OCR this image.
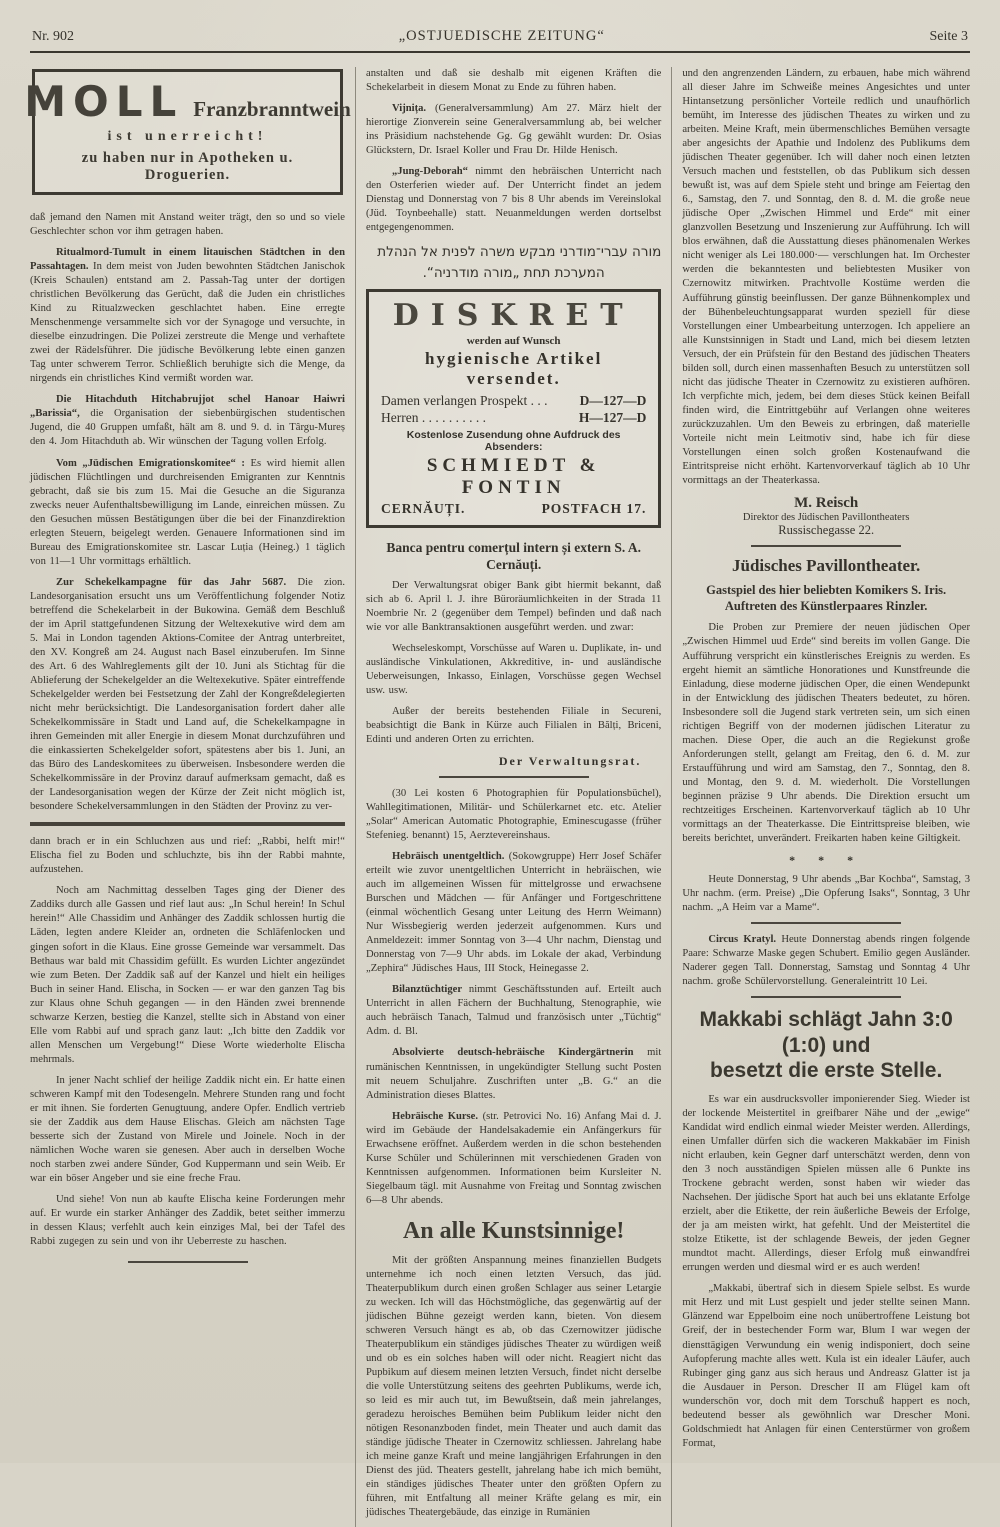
Nr. 902	„OSTJUEDISCHE ZEITUNG“	Seite 3
MOLL Franzbranntwein
ist unerreicht!
zu haben nur in Apotheken u. Droguerien.

daß jemand den Namen mit Anstand weiter trägt, den so und so viele Geschlechter schon vor ihm getragen haben.

Ritualmord-Tumult in einem litauischen Städtchen in den Passahtagen. In dem meist von Juden bewohnten Städtchen Janischok (Kreis Schaulen) entstand am 2. Passah-Tag unter der dortigen christlichen Bevölkerung das Gerücht, daß die Juden ein christliches Kind zu Ritualzwecken geschlachtet haben. Eine erregte Menschenmenge versammelte sich vor der Synagoge und versuchte, in dieselbe einzudringen. Die Polizei zerstreute die Menge und verhaftete zwei der Rädelsführer. Die jüdische Bevölkerung lebte einen ganzen Tag unter schwerem Terror. Schließlich beruhigte sich die Menge, da nirgends ein christliches Kind vermißt worden war.

Die Hitachduth Hitchabrujjot schel Hanoar Haiwri „Barissia“, die Organisation der siebenbürgischen studentischen Jugend, die 40 Gruppen umfaßt, hält am 8. und 9. d. in Târgu-Mureș den 4. Jom Hitachduth ab. Wir wünschen der Tagung vollen Erfolg.

Vom „Jüdischen Emigrationskomitee“ : Es wird hiemit allen jüdischen Flüchtlingen und durchreisenden Emigranten zur Kenntnis gebracht, daß sie bis zum 15. Mai die Gesuche an die Siguranza zwecks neuer Aufenthaltsbewilligung im Lande, einreichen müssen. Zu den Gesuchen müssen Bestätigungen über die bei der Finanzdirektion erlegten Steuern, beigelegt werden. Genauere Informationen sind im Bureau des Emigrationskomitee str. Lascar Luția (Heineg.) 1 täglich von 11—1 Uhr vormittags erhältlich.

Zur Schekelkampagne für das Jahr 5687. Die zion. Landesorganisation ersucht uns um Veröffentlichung folgender Notiz betreffend die Schekelarbeit in der Bukowina. Gemäß dem Beschluß der im April stattgefundenen Sitzung der Weltexekutive wird dem am 5. Mai in London tagenden Aktions-Comitee der Antrag unterbreitet, den XV. Kongreß am 24. August nach Basel einzuberufen. Im Sinne des Art. 6 des Wahlreglements gilt der 10. Juni als Stichtag für die Ablieferung der Schekelgelder an die Weltexekutive. Später eintreffende Schekelgelder werden bei Festsetzung der Zahl der Kongreßdelegierten nicht mehr berücksichtigt. Die Landesorganisation fordert daher alle Schekelkommissäre in Stadt und Land auf, die Schekelkampagne in ihren Gemeinden mit aller Energie in diesem Monat durchzuführen und die einkassierten Schekelgelder sofort, spätestens aber bis 1. Juni, an das Büro des Landeskomitees zu überweisen. Insbesondere werden die Schekelkommissäre in der Provinz darauf aufmerksam gemacht, daß es der Landesorganisation wegen der Kürze der Zeit nicht möglich ist, besondere Schekelversammlungen in den Städten der Provinz zu ver-

dann brach er in ein Schluchzen aus und rief: „Rabbi, helft mir!“ Elischa fiel zu Boden und schluchzte, bis ihn der Rabbi mahnte, aufzustehen.

Noch am Nachmittag desselben Tages ging der Diener des Zaddiks durch alle Gassen und rief laut aus: „In Schul herein! In Schul herein!“ Alle Chassidim und Anhänger des Zaddik schlossen hurtig die Läden, legten andere Kleider an, ordneten die Schläfenlocken und gingen sofort in die Klaus. Eine grosse Gemeinde war versammelt. Das Bethaus war bald mit Chassidim gefüllt. Es wurden Lichter angezündet wie zum Beten. Der Zaddik saß auf der Kanzel und hielt ein heiliges Buch in seiner Hand. Elischa, in Socken — er war den ganzen Tag bis zur Klaus ohne Schuh gegangen — in den Händen zwei brennende schwarze Kerzen, bestieg die Kanzel, stellte sich in Abstand von einer Elle vom Rabbi auf und sprach ganz laut: „Ich bitte den Zaddik vor allen Menschen um Vergebung!“ Diese Worte wiederholte Elischa mehrmals.

In jener Nacht schlief der heilige Zaddik nicht ein. Er hatte einen schweren Kampf mit den Todesengeln. Mehrere Stunden rang und focht er mit ihnen. Sie forderten Genugtuung, andere Opfer. Endlich vertrieb sie der Zaddik aus dem Hause Elischas. Gleich am nächsten Tage besserte sich der Zustand von Mirele und Joinele. Noch in der nämlichen Woche waren sie genesen. Aber auch in derselben Woche noch starben zwei andere Sünder, God Kuppermann und sein Weib. Er war ein böser Angeber und sie eine freche Frau.

Und siehe! Von nun ab kaufte Elischa keine Forderungen mehr auf. Er wurde ein starker Anhänger des Zaddik, betet seither immerzu in dessen Klaus; verfehlt auch kein einziges Mal, bei der Tafel des Rabbi zugegen zu sein und von ihr Ueberreste zu haschen.

anstalten und daß sie deshalb mit eigenen Kräften die Schekelarbeit in diesem Monat zu Ende zu führen haben.

Vijnița. (Generalversammlung) Am 27. März hielt der hierortige Zionverein seine Generalversammlung ab, bei welcher ins Präsidium nachstehende Gg. Gg gewählt wurden: Dr. Osias Glückstern, Dr. Israel Koller und Frau Dr. Hilde Henisch.

„Jung-Deborah“ nimmt den hebräischen Unterricht nach den Osterferien wieder auf. Der Unterricht findet an jedem Dienstag und Donnerstag von 7 bis 8 Uhr abends im Vereinslokal (Jüd. Toynbeehalle) statt. Neuanmeldungen werden dortselbst entgegengenommen.

מורה עברי־מודרני מבקש משרה לפנית אל הנהלת
המערכת תחת „מורה מודרניה“.
DISKRET
werden auf Wunsch
hygienische Artikel versendet.
Damen verlangen Prospekt . . . D—127—D
Herren . . . . . . . . . .	H—127—D
Kostenlose Zusendung ohne Aufdruck des Absenders:
SCHMIEDT & FONTIN
CERNĂUȚI.	POSTFACH 17.
Banca pentru comerțul intern și extern S. A.
Cernăuți.

Der Verwaltungsrat obiger Bank gibt hiermit bekannt, daß sich ab 6. April l. J. ihre Büroräumlichkeiten in der Strada 11 Noembrie Nr. 2 (gegenüber dem Tempel) befinden und daß nach wie vor alle Banktransaktionen ausgeführt werden. und zwar:

Wechseleskompt, Vorschüsse auf Waren u. Duplikate, in- und ausländische Vinkulationen, Akkreditive, in- und ausländische Ueberweisungen, Inkasso, Einlagen, Vorschüsse gegen Wechsel usw. usw.

Außer der bereits bestehenden Filiale in Secureni, beabsichtigt die Bank in Kürze auch Filialen in Bălți, Briceni, Edinti und anderen Orten zu errichten.

Der Verwaltungsrat.

(30 Lei kosten 6 Photographien für Populationsbüchel), Wahllegitimationen, Militär- und Schülerkarnet etc. etc. Atelier „Solar“ American Automatic Photographie, Eminescugasse (früher Stefenieg. benannt) 15, Aerztevereinshaus.

Hebräisch unentgeltlich. (Sokowgruppe) Herr Josef Schäfer erteilt wie zuvor unentgeltlichen Unterricht in hebräischen, wie auch im allgemeinen Wissen für mittelgrosse und erwachsene Burschen und Mädchen — für Anfänger und Fortgeschrittene (einmal wöchentlich Gesang unter Leitung des Herrn Weimann) Nur Wissbegierig werden jederzeit aufgenommen. Kurs und Anmeldezeit: immer Sonntag von 3—4 Uhr nachm, Dienstag und Donnerstag von 7—9 Uhr abds. im Lokale der akad, Verbindung „Zephira“ Jüdisches Haus, III Stock, Heinegasse 2.

Bilanztüchtiger nimmt Geschäftsstunden auf. Erteilt auch Unterricht in allen Fächern der Buchhaltung, Stenographie, wie auch hebräisch Tanach, Talmud und französisch unter „Tüchtig“ Adm. d. Bl.

Absolvierte deutsch-hebräische Kindergärtnerin mit rumänischen Kenntnissen, in ungekündigter Stellung sucht Posten mit neuem Schuljahre. Zuschriften unter „B. G.“ an die Administration dieses Blattes.

Hebräische Kurse. (str. Petrovici No. 16) Anfang Mai d. J. wird im Gebäude der Handelsakademie ein Anfängerkurs für Erwachsene eröffnet. Außerdem werden in die schon bestehenden Kurse Schüler und Schülerinnen mit verschiedenen Graden von Kenntnissen aufgenommen. Informationen beim Kursleiter N. Siegelbaum tägl. mit Ausnahme von Freitag und Sonntag zwischen 6—8 Uhr abends.

An alle Kunstsinnige!

Mit der größten Anspannung meines finanziellen Budgets unternehme ich noch einen letzten Versuch, das jüd. Theaterpublikum durch einen großen Schlager aus seiner Letargie zu wecken. Ich will das Höchstmögliche, das gegenwärtig auf der jüdischen Bühne gezeigt werden kann, bieten. Von diesem schweren Versuch hängt es ab, ob das Czernowitzer jüdische Theaterpublikum ein ständiges jüdisches Theater zu würdigen weiß und ob es ein solches haben will oder nicht. Reagiert nicht das Pupbikum auf diesem meinen letzten Versuch, findet nicht derselbe die volle Unterstützung seitens des geehrten Publikums, werde ich, so leid es mir auch tut, im Bewußtsein, daß mein jahrelanges, geradezu heroisches Bemühen beim Publikum leider nicht den nötigen Resonanzboden findet, mein Theater und auch damit das ständige jüdische Theater in Czernowitz schliessen. Jahrelang habe ich meine ganze Kraft und meine langjährigen Erfahrungen in den Dienst des jüd. Theaters gestellt, jahrelang habe ich mich bemüht, ein ständiges jüdisches Theater unter den größten Opfern zu führen, mit Entfaltung all meiner Kräfte gelang es mir, ein jüdisches Theatergebäude, das einzige in Rumänien

und den angrenzenden Ländern, zu erbauen, habe mich während all dieser Jahre im Schweiße meines Angesichtes und unter Hintansetzung persönlicher Vorteile redlich und unaufhörlich bemüht, im Interesse des jüdischen Theates zu wirken und zu arbeiten. Meine Kraft, mein übermenschliches Bemühen versagte aber angesichts der Apathie und Indolenz des Publikums dem jüdischen Theater gegenüber. Ich will daher noch einen letzten Versuch machen und feststellen, ob das Publikum sich dessen bewußt ist, was auf dem Spiele steht und bringe am Feiertag den 6., Samstag, den 7. und Sonntag, den 8. d. M. die große neue jüdische Oper „Zwischen Himmel und Erde“ mit einer glanzvollen Besetzung und Inszenierung zur Aufführung. Ich will blos erwähnen, daß die Ausstattung dieses phänomenalen Werkes nicht weniger als Lei 180.000·— verschlungen hat. Im Orchester werden die bekanntesten und beliebtesten Musiker von Czernowitz mitwirken. Prachtvolle Kostüme werden die Aufführung günstig beeinflussen. Der ganze Bühnenkomplex und der Bühenbeleuchtungsapparat wurden speziell für diese Vorstellungen einer Umbearbeitung unterzogen. Ich appeliere an alle Kunstsinnigen in Stadt und Land, mich bei diesem letzten Versuch, der ein Prüfstein für den Bestand des jüdischen Theaters bilden soll, durch einen massenhaften Besuch zu unterstützen soll nicht das jüdische Theater in Czernowitz zu existieren aufhören. Ich verpfichte mich, jedem, bei dem dieses Stück keinen Beifall finden wird, die Eintrittgebühr auf Verlangen ohne weiteres zurückzuzahlen. Um den Beweis zu erbringen, daß materielle Vorteile nicht mein Leitmotiv sind, habe ich für diese Vorstellungen einen solch großen Kostenaufwand die Eintritspreise nicht erhöht. Kartenvorverkauf täglich ab 10 Uhr vormittags an der Theaterkassa.

M. Reisch
Direktor des Jüdischen Pavillontheaters
Russischegasse 22.
Jüdisches Pavillontheater.
Gastspiel des hier beliebten Komikers S. Iris.
Auftreten des Künstlerpaares Rinzler.

Die Proben zur Premiere der neuen jüdischen Oper „Zwischen Himmel uud Erde“ sind bereits im vollen Gange. Die Aufführung verspricht ein künstlerisches Ereignis zu werden. Es ergeht hiemit an sämtliche Honorationes und Kunstfreunde die Einladung, diese moderne jüdischen Oper, die einen Wendepunkt in der Entwicklung des jüdischen Theaters bedeutet, zu hören. Insbesondere soll die Jugend stark vertreten sein, um sich einen richtigen Begriff von der modernen jüdischen Literatur zu machen. Diese Oper, die auch an die Regiekunst große Anforderungen stellt, gelangt am Freitag, den 6. d. M. zur Erstaufführung und wird am Samstag, den 7., Sonntag, den 8. und Montag, den 9. d. M. wiederholt. Die Vorstellungen beginnen präzise 9 Uhr abends. Die Direktion ersucht um rechtzeitiges Erscheinen. Kartenvorverkauf täglich ab 10 Uhr vormittags an der Theaterkasse. Die Eintrittspreise bleiben, wie bereits berichtet, unverändert. Freikarten haben keine Giltigkeit.

* * *

Heute Donnerstag, 9 Uhr abends „Bar Kochba“, Samstag, 3 Uhr nachm. (erm. Preise) „Die Opferung Isaks“, Sonntag, 3 Uhr nachm. „A Heim var a Mame“.

Circus Kratyl. Heute Donnerstag abends ringen folgende Paare: Schwarze Maske gegen Schubert. Emilio gegen Ausländer. Naderer gegen Tall. Donnerstag, Samstag und Sonntag 4 Uhr nachm. große Schülervorstellung. Generaleintritt 10 Lei.

Makkabi schlägt Jahn 3:0 (1:0) und
besetzt die erste Stelle.

Es war ein ausdrucksvoller imponierender Sieg. Wieder ist der lockende Meistertitel in greifbarer Nähe und der „ewige“ Kandidat wird endlich einmal wieder Meister werden. Allerdings, einen Umfaller dürfen sich die wackeren Makkabäer im Finish nicht erlauben, kein Gegner darf unterschätzt werden, denn von den 3 noch ausständigen Spielen müssen alle 6 Punkte ins Trockene gebracht werden, sonst haben wir wieder das Nachsehen. Der jüdische Sport hat auch bei uns eklatante Erfolge erzielt, aber die Etikette, der rein äußerliche Beweis der Erfolge, der ja am meisten wirkt, hat gefehlt. Und der Meistertitel die stolze Etikette, ist der schlagende Beweis, der jeden Gegner mundtot macht. Allerdings, dieser Erfolg muß einwandfrei errungen werden und diesmal wird er es auch werden!

„Makkabi, übertraf sich in diesem Spiele selbst. Es wurde mit Herz und mit Lust gespielt und jeder stellte seinen Mann. Glänzend war Eppelboim eine noch unübertroffene Leistung bot Greif, der in bestechender Form war, Blum I war wegen der diensttägigen Verwundung ein wenig indisponiert, doch seine Aufopferung machte alles wett. Kula ist ein idealer Läufer, auch Rubinger ging ganz aus sich heraus und Andreasz Glatter ist ja die Ausdauer in Person. Drescher II am Flügel kam oft wunderschön vor, doch mit dem Torschuß happert es noch, bedeutend besser als gewöhnlich war Drescher Moni. Goldschmiedt hat Anlagen für einen Centerstürmer von großem Format,
